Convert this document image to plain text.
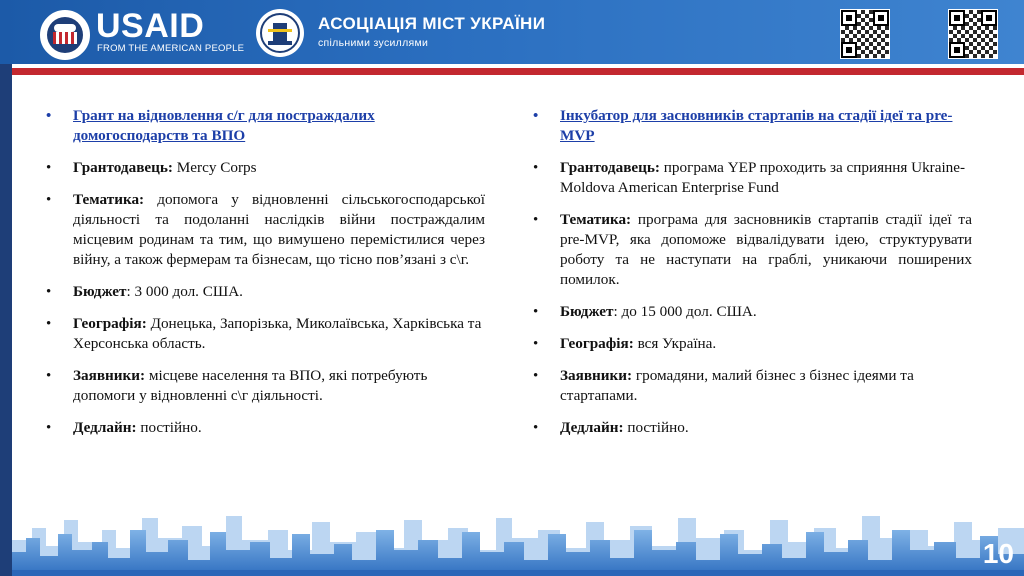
USAID
FROM THE AMERICAN PEOPLE
АСОЦІАЦІЯ МІСТ УКРАЇНИ
спільними зусиллями
• Грант на відновлення с/г для постраждалих домогосподарств та ВПО
• Грантодавець: Mercy Corps
• Тематика: допомога у відновленні сільськогосподарської діяльності та подоланні наслідків війни постраждалим місцевим родинам та тим, що вимушено перемістилися через війну, а також фермерам та бізнесам, що тісно пов’язані з с\г.
• Бюджет: 3 000 дол. США.
• Географія: Донецька, Запорізька, Миколаївська, Харківська та Херсонська область.
• Заявники: місцеве населення та ВПО, які потребують допомоги у відновленні с\г діяльності.
• Дедлайн: постійно.
• Інкубатор для засновників стартапів на стадії ідеї та pre-MVP
• Грантодавець: програма YEP проходить за сприяння Ukraine-Moldova American Enterprise Fund
• Тематика: програма для засновників стартапів стадії ідеї та pre-MVP, яка допоможе відвалідувати ідею, структурувати роботу та не наступати на граблі, уникаючи поширених помилок.
• Бюджет: до 15 000 дол. США.
• Географія: вся Україна.
• Заявники: громадяни, малий бізнес з бізнес ідеями та стартапами.
• Дедлайн: постійно.
10
